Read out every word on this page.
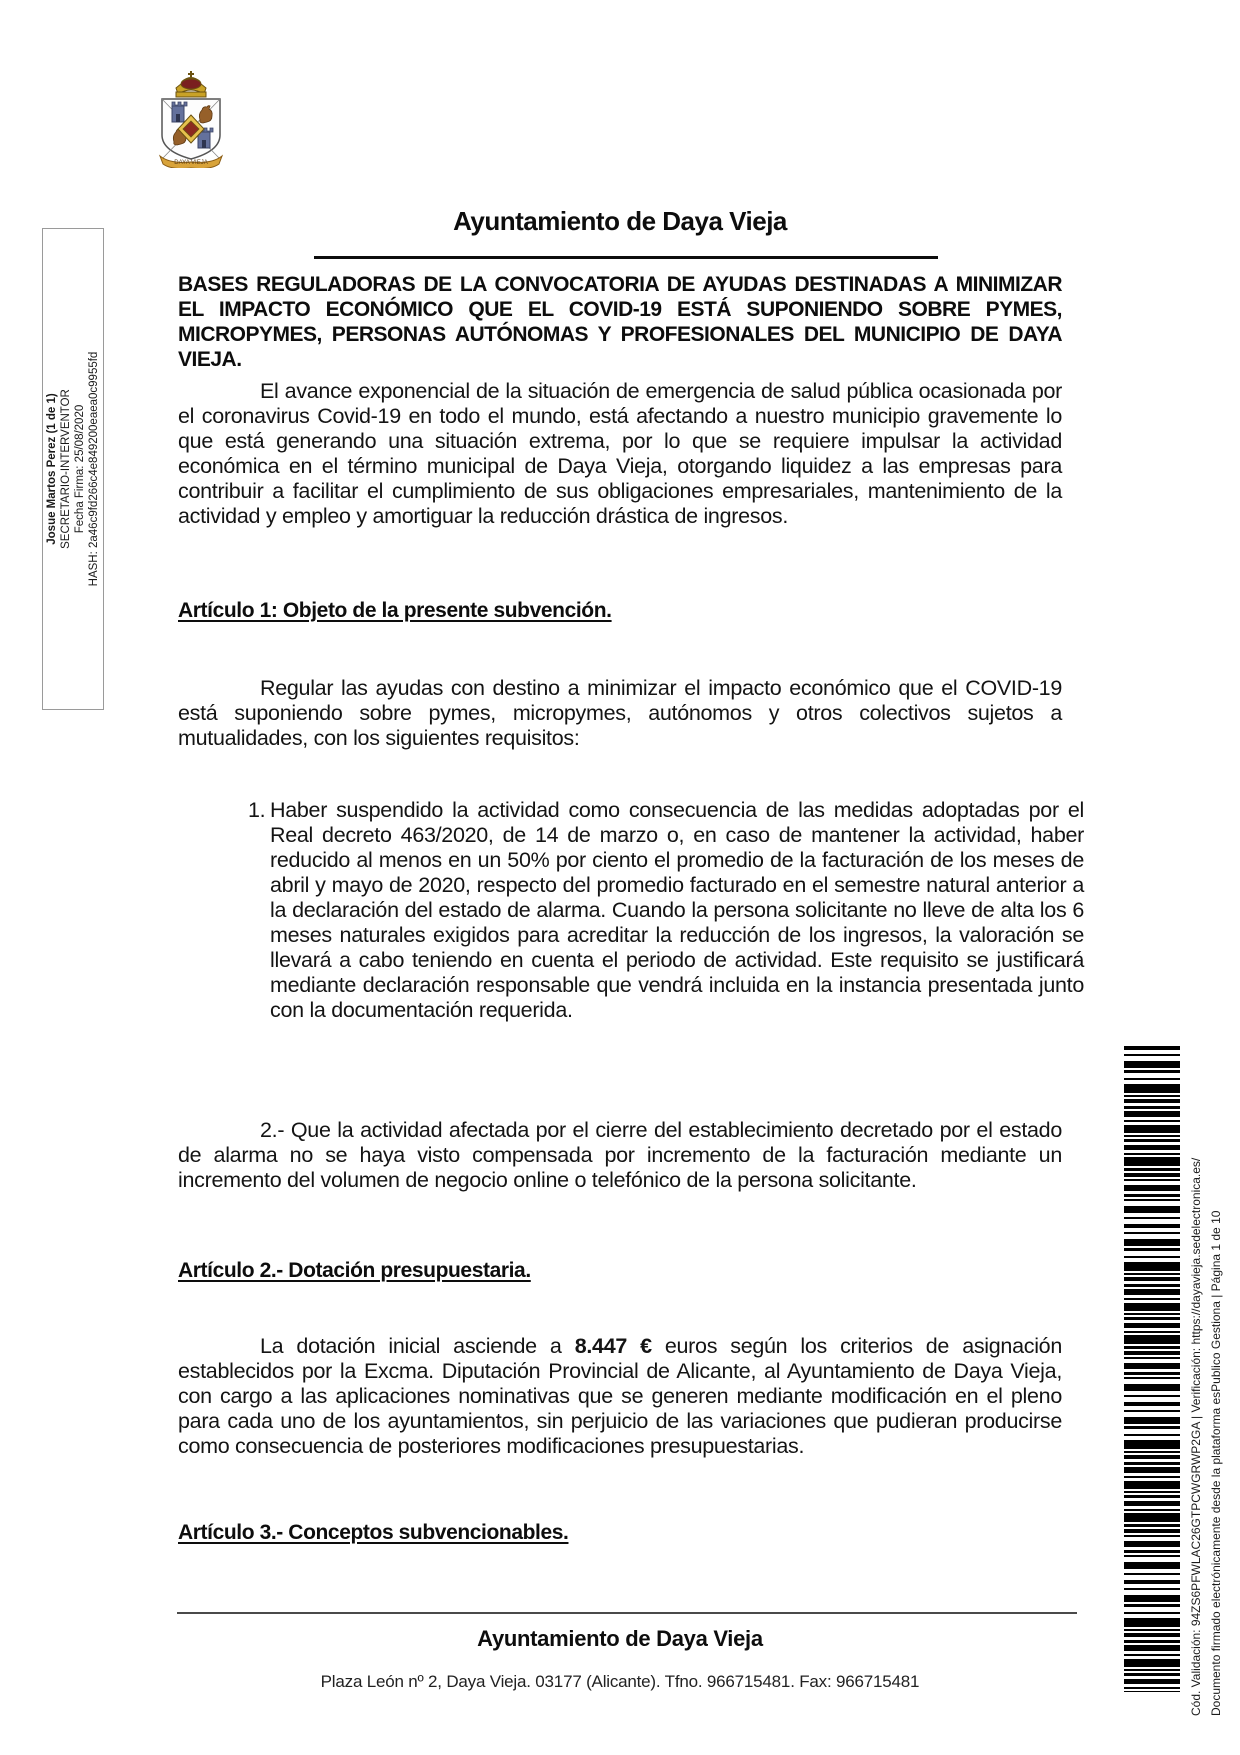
DAYA VIEJA
Ayuntamiento de Daya Vieja
BASES REGULADORAS DE LA CONVOCATORIA DE AYUDAS DESTINADAS A MINIMIZAR EL IMPACTO ECONÓMICO QUE EL COVID-19 ESTÁ SUPONIENDO SOBRE PYMES, MICROPYMES, PERSONAS AUTÓNOMAS Y PROFESIONALES DEL MUNICIPIO DE DAYA VIEJA.
El avance exponencial de la situación de emergencia de salud pública ocasionada por el coronavirus Covid-19 en todo el mundo, está afectando a nuestro municipio gravemente lo que está generando una situación extrema, por lo que se requiere impulsar la actividad económica en el término municipal de Daya Vieja, otorgando liquidez a las empresas para contribuir a facilitar el cumplimiento de sus obligaciones empresariales, mantenimiento de la actividad y empleo y amortiguar la reducción drástica de ingresos.
Artículo 1: Objeto de la presente subvención.
Regular las ayudas con destino a minimizar el impacto económico que el COVID-19 está suponiendo sobre pymes, micropymes, autónomos y otros colectivos sujetos a mutualidades, con los siguientes requisitos:
1. Haber suspendido la actividad como consecuencia de las medidas adoptadas por el Real decreto 463/2020, de 14 de marzo o, en caso de mantener la actividad, haber reducido al menos en un 50% por ciento el promedio de la facturación de los meses de abril y mayo de 2020, respecto del promedio facturado en el semestre natural anterior a la declaración del estado de alarma. Cuando la persona solicitante no lleve de alta los 6 meses naturales exigidos para acreditar la reducción de los ingresos, la valoración se llevará a cabo teniendo en cuenta el periodo de actividad. Este requisito se justificará mediante declaración responsable que vendrá incluida en la instancia presentada junto con la documentación requerida.
2.- Que la actividad afectada por el cierre del establecimiento decretado por el estado de alarma no se haya visto compensada por incremento de la facturación mediante un incremento del volumen de negocio online o telefónico de la persona solicitante.
Artículo 2.- Dotación presupuestaria.
La dotación inicial asciende a 8.447 € euros según los criterios de asignación establecidos por la Excma. Diputación Provincial de Alicante, al Ayuntamiento de Daya Vieja, con cargo a las aplicaciones nominativas que se generen mediante modificación en el pleno para cada uno de los ayuntamientos, sin perjuicio de las variaciones que pudieran producirse como consecuencia de posteriores modificaciones presupuestarias.
Artículo 3.- Conceptos subvencionables.
Ayuntamiento de Daya Vieja
Plaza León nº 2, Daya Vieja. 03177 (Alicante). Tfno. 966715481. Fax: 966715481
Josue Martos Perez (1 de 1) SECRETARIO-INTERVENTOR Fecha Firma: 25/08/2020 HASH: 2a46c9fd266c4e849200eaea0c9955fd
Cód. Validación: 94ZS6PFWLAC26GTPCWGRWP2GA | Verificación: https://dayavieja.sedelectronica.es/ Documento firmado electrónicamente desde la plataforma esPublico Gestiona | Página 1 de 10
